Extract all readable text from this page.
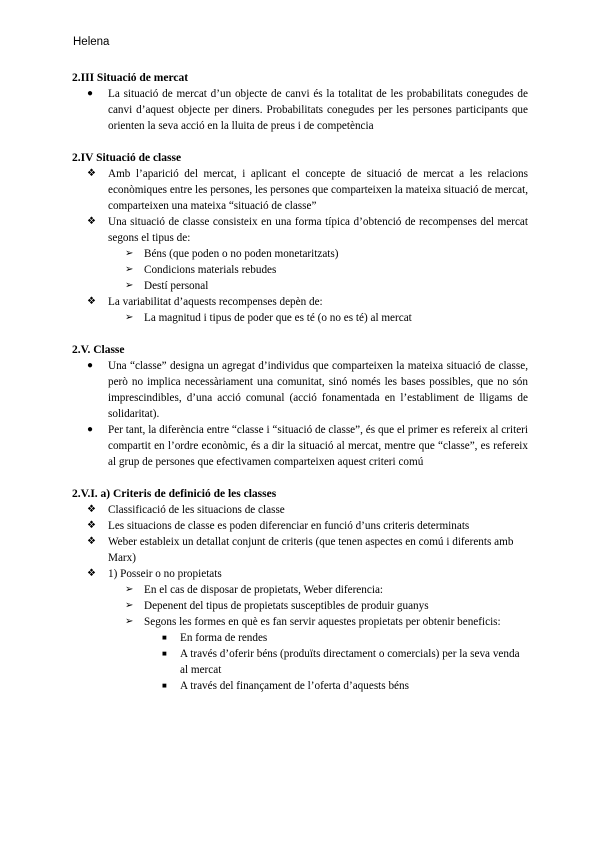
Helena
2.III Situació de mercat
● La situació de mercat d’un objecte de canvi és la totalitat de les probabilitats conegudes de canvi d’aquest objecte per diners. Probabilitats conegudes per les persones participants que orienten la seva acció en la lluita de preus i de competència
2.IV Situació de classe
❖ Amb l’aparició del mercat, i aplicant el concepte de situació de mercat a les relacions econòmiques entre les persones, les persones que comparteixen la mateixa situació de mercat, comparteixen una mateixa “situació de classe”
❖ Una situació de classe consisteix en una forma típica d’obtenció de recompenses del mercat segons el tipus de:
➢ Béns (que poden o no poden monetaritzats)
➢ Condicions materials rebudes
➢ Destí personal
❖ La variabilitat d’aquests recompenses depèn de:
➢ La magnitud i tipus de poder que es té (o no es té) al mercat
2.V. Classe
● Una “classe” designa un agregat d’individus que comparteixen la mateixa situació de classe, però no implica necessàriament una comunitat, sinó només les bases possibles, que no són imprescindibles, d’una acció comunal (acció fonamentada en l’establiment de lligams de solidaritat).
● Per tant, la diferència entre “classe i “situació de classe”, és que el primer es refereix al criteri compartit en l’ordre econòmic, és a dir la situació al mercat, mentre que “classe”, es refereix al grup de persones que efectivamen comparteixen aquest criteri comú
2.V.I. a) Criteris de definició de les classes
❖ Classificació de les situacions de classe
❖ Les situacions de classe es poden diferenciar en funció d’uns criteris determinats
❖ Weber estableix un detallat conjunt de criteris (que tenen aspectes en comú i diferents amb Marx)
❖ 1) Posseir o no propietats
➢ En el cas de disposar de propietats, Weber diferencia:
➢ Depenent del tipus de propietats susceptibles de produir guanys
➢ Segons les formes en què es fan servir aquestes propietats per obtenir beneficis:
■ En forma de rendes
■ A través d’oferir béns (produïts directament o comercials) per la seva venda al mercat
■ A través del finançament de l’oferta d’aquests béns
